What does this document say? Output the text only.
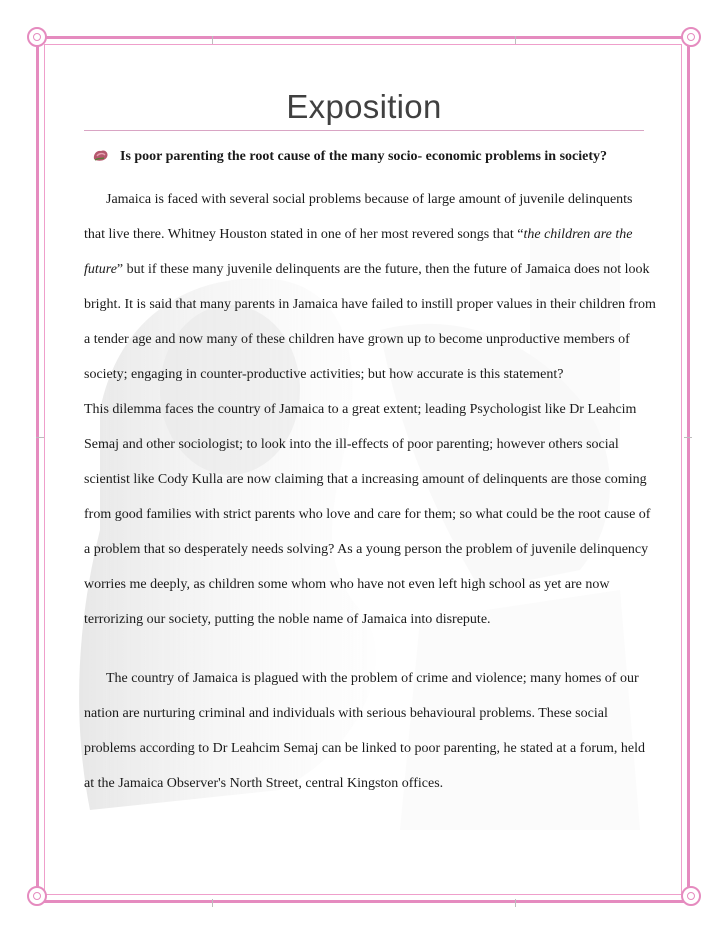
Exposition
Is poor parenting the root cause of the many socio- economic problems in society?

Jamaica is faced with several social problems because of large amount of juvenile delinquents that live there. Whitney Houston stated in one of her most revered songs that “the children are the future” but if these many juvenile delinquents are the future, then the future of Jamaica does not look bright. It is said that many parents in Jamaica have failed to instill proper values in their children from a tender age and now many of these children have grown up to become unproductive members of society; engaging in counter-productive activities; but how accurate is this statement?

This dilemma faces the country of Jamaica to a great extent; leading Psychologist like Dr Leahcim Semaj and other sociologist; to look into the ill-effects of poor parenting; however others social scientist like Cody Kulla are now claiming that a increasing amount of delinquents are those coming from good families with strict parents who love and care for them; so what could be the root cause of a problem that so desperately needs solving? As a young person the problem of juvenile delinquency worries me deeply, as children some whom who have not even left high school as yet are now terrorizing our society, putting the noble name of Jamaica into disrepute.

The country of Jamaica is plagued with the problem of crime and violence; many homes of our nation are nurturing criminal and individuals with serious behavioural problems. These social problems according to Dr Leahcim Semaj can be linked to poor parenting, he stated at a forum, held at the Jamaica Observer's North Street, central Kingston offices.
